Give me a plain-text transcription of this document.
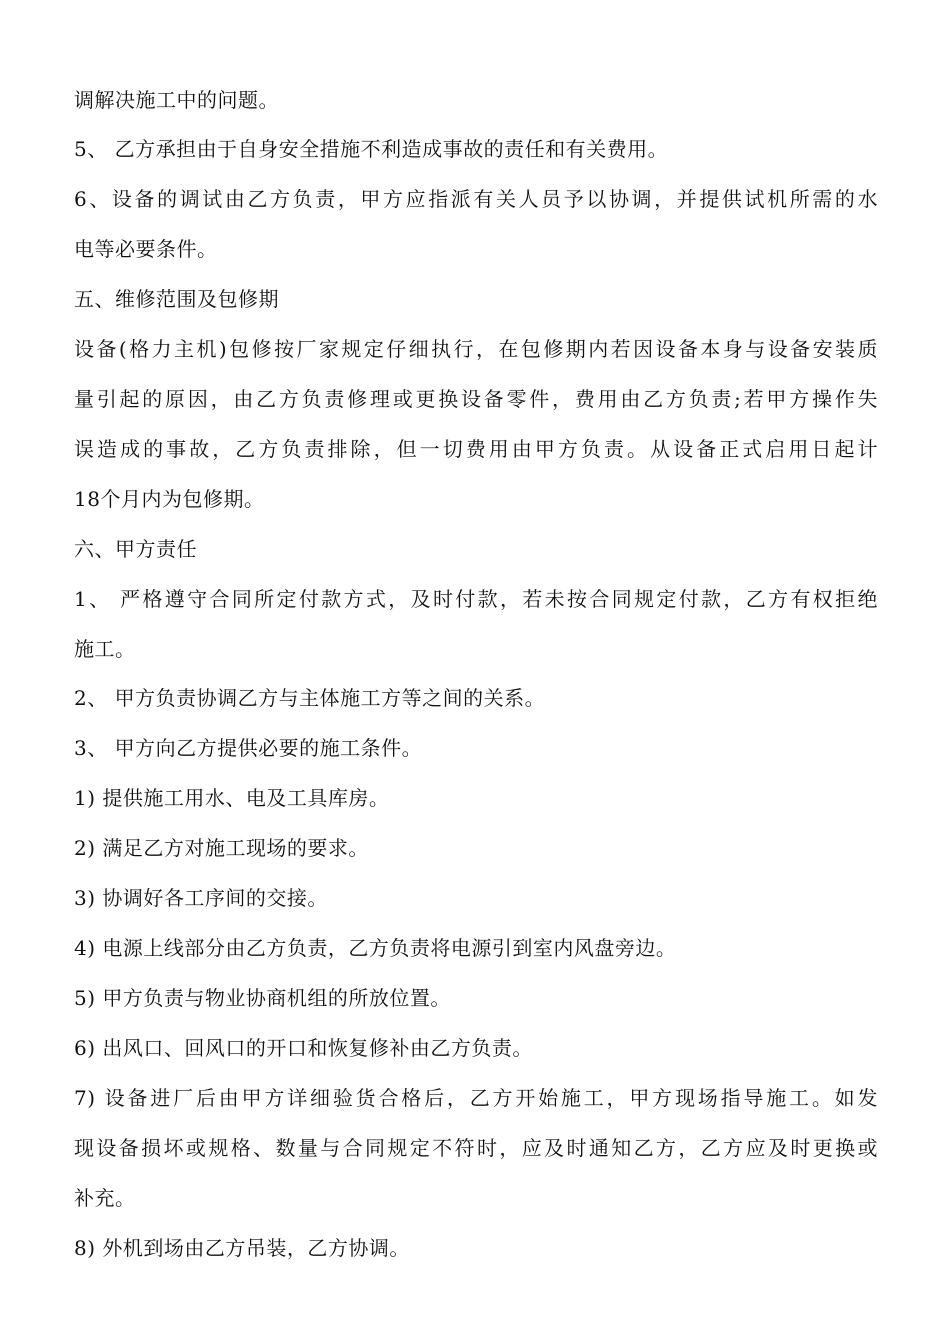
调解决施工中的问题。
5、 乙方承担由于自身安全措施不利造成事故的责任和有关费用。
6、设备的调试由乙方负责，甲方应指派有关人员予以协调，并提供试机所需的水
电等必要条件。
五、维修范围及包修期
设备(格力主机)包修按厂家规定仔细执行，在包修期内若因设备本身与设备安装质
量引起的原因，由乙方负责修理或更换设备零件，费用由乙方负责;若甲方操作失
误造成的事故，乙方负责排除，但一切费用由甲方负责。从设备正式启用日起计
18个月内为包修期。
六、甲方责任
1、 严格遵守合同所定付款方式，及时付款，若未按合同规定付款，乙方有权拒绝
施工。
2、 甲方负责协调乙方与主体施工方等之间的关系。
3、 甲方向乙方提供必要的施工条件。
1) 提供施工用水、电及工具库房。
2) 满足乙方对施工现场的要求。
3) 协调好各工序间的交接。
4) 电源上线部分由乙方负责，乙方负责将电源引到室内风盘旁边。
5) 甲方负责与物业协商机组的所放位置。
6) 出风口、回风口的开口和恢复修补由乙方负责。
7) 设备进厂后由甲方详细验货合格后，乙方开始施工，甲方现场指导施工。如发
现设备损坏或规格、数量与合同规定不符时，应及时通知乙方，乙方应及时更换或
补充。
8) 外机到场由乙方吊装，乙方协调。
